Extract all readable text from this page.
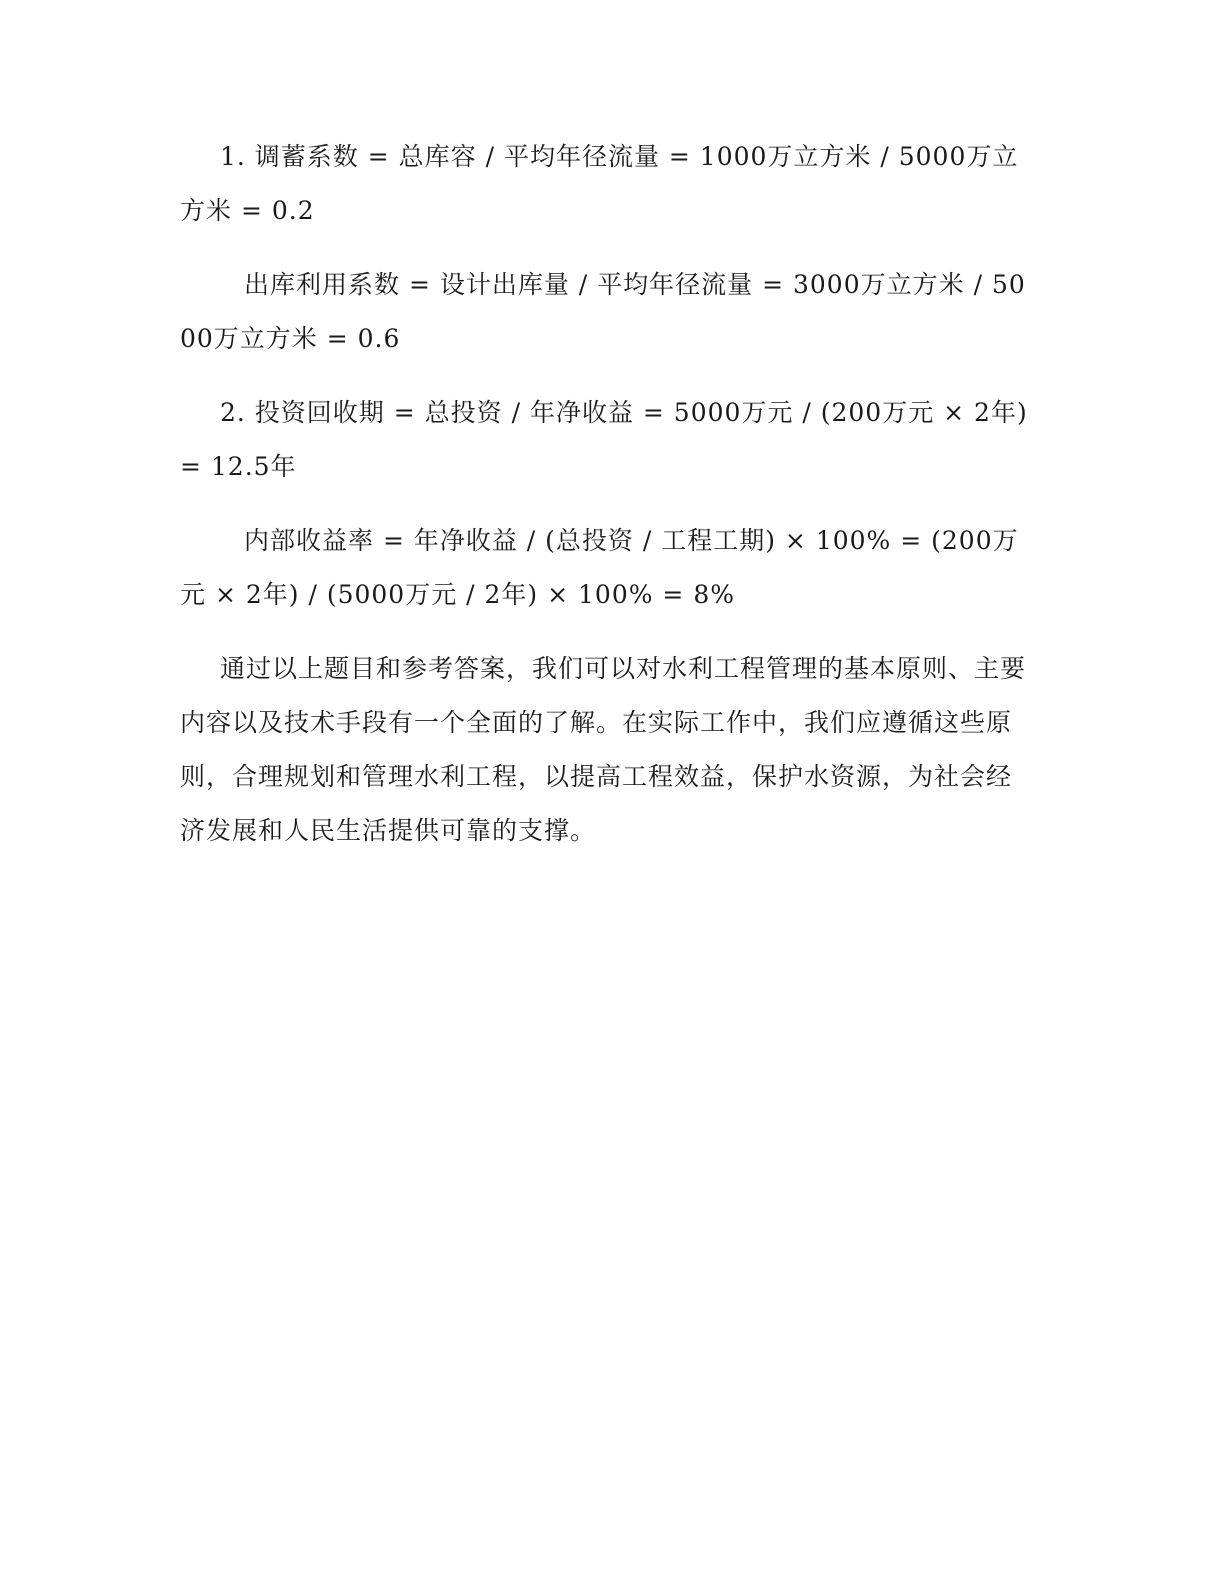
1. 调蓄系数 = 总库容 / 平均年径流量 = 1000万立方米 / 5000万立方米 = 0.2

出库利用系数 = 设计出库量 / 平均年径流量 = 3000万立方米 / 5000万立方米 = 0.6

2. 投资回收期 = 总投资 / 年净收益 = 5000万元 / (200万元 × 2年) = 12.5年

内部收益率 = 年净收益 / (总投资 / 工程工期) × 100% = (200万元 × 2年) / (5000万元 / 2年) × 100% = 8%

通过以上题目和参考答案，我们可以对水利工程管理的基本原则、主要内容以及技术手段有一个全面的了解。在实际工作中，我们应遵循这些原则，合理规划和管理水利工程，以提高工程效益，保护水资源，为社会经济发展和人民生活提供可靠的支撑。
